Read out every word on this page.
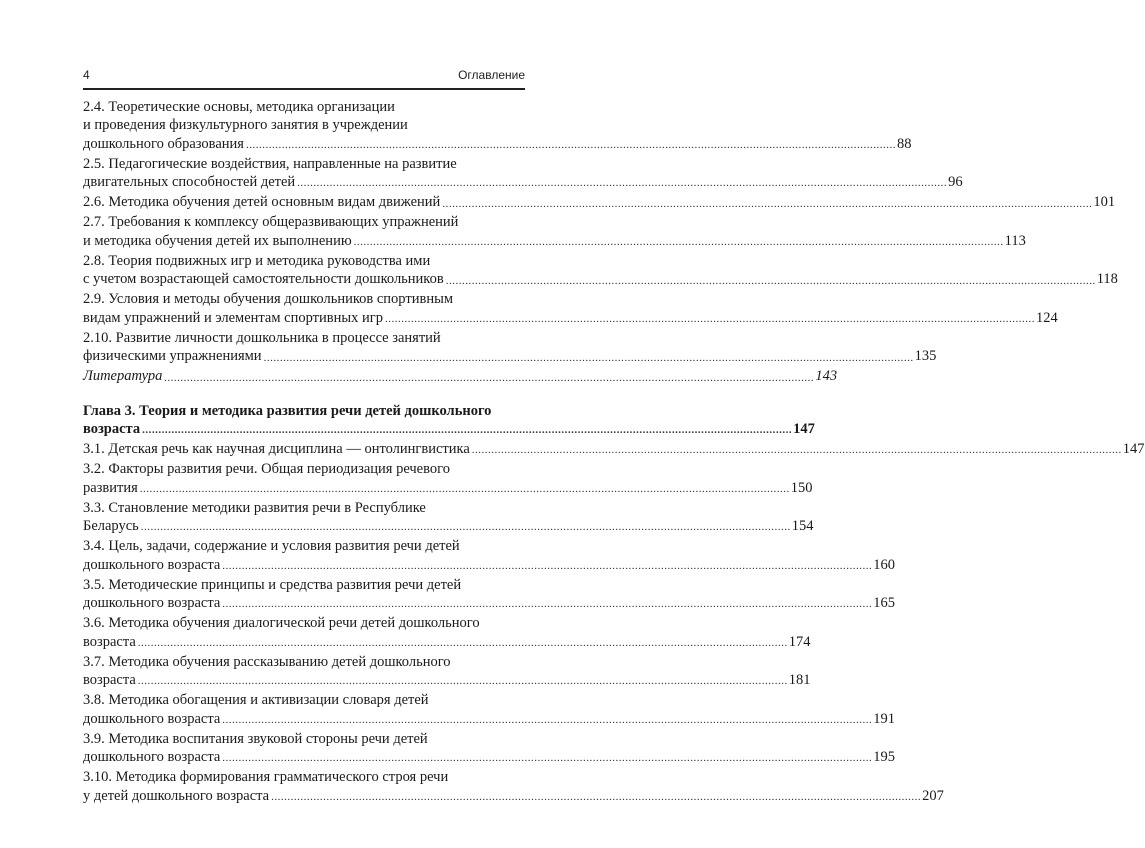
4	Оглавление
2.4. Теоретические основы, методика организации
и проведения физкультурного занятия в учреждении
дошкольного образования ........................................................................................................................................................................................................ 88
2.5. Педагогические воздействия, направленные на развитие
двигательных способностей детей ........................................................................................................................................................................................................ 96
2.6. Методика обучения детей основным видам движений ........................................................................................................................................................................................................ 101
2.7. Требования к комплексу общеразвивающих упражнений
и методика обучения детей их выполнению ........................................................................................................................................................................................................ 113
2.8. Теория подвижных игр и методика руководства ими
с учетом возрастающей самостоятельности дошкольников ........................................................................................................................................................................................................ 118
2.9. Условия и методы обучения дошкольников спортивным
видам упражнений и элементам спортивных игр ........................................................................................................................................................................................................ 124
2.10. Развитие личности дошкольника в процессе занятий
физическими упражнениями ........................................................................................................................................................................................................ 135
Литература ........................................................................................................................................................................................................ 143
Глава 3. Теория и методика развития речи детей дошкольного
возраста ........................................................................................................................................................................................................ 147
3.1. Детская речь как научная дисциплина — онтолингвистика ........................................................................................................................................................................................................ 147
3.2. Факторы развития речи. Общая периодизация речевого
развития ........................................................................................................................................................................................................ 150
3.3. Становление методики развития речи в Республике
Беларусь ........................................................................................................................................................................................................ 154
3.4. Цель, задачи, содержание и условия развития речи детей
дошкольного возраста ........................................................................................................................................................................................................ 160
3.5. Методические принципы и средства развития речи детей
дошкольного возраста ........................................................................................................................................................................................................ 165
3.6. Методика обучения диалогической речи детей дошкольного
возраста ........................................................................................................................................................................................................ 174
3.7. Методика обучения рассказыванию детей дошкольного
возраста ........................................................................................................................................................................................................ 181
3.8. Методика обогащения и активизации словаря детей
дошкольного возраста ........................................................................................................................................................................................................ 191
3.9. Методика воспитания звуковой стороны речи детей
дошкольного возраста ........................................................................................................................................................................................................ 195
3.10. Методика формирования грамматического строя речи
у детей дошкольного возраста ........................................................................................................................................................................................................ 207
